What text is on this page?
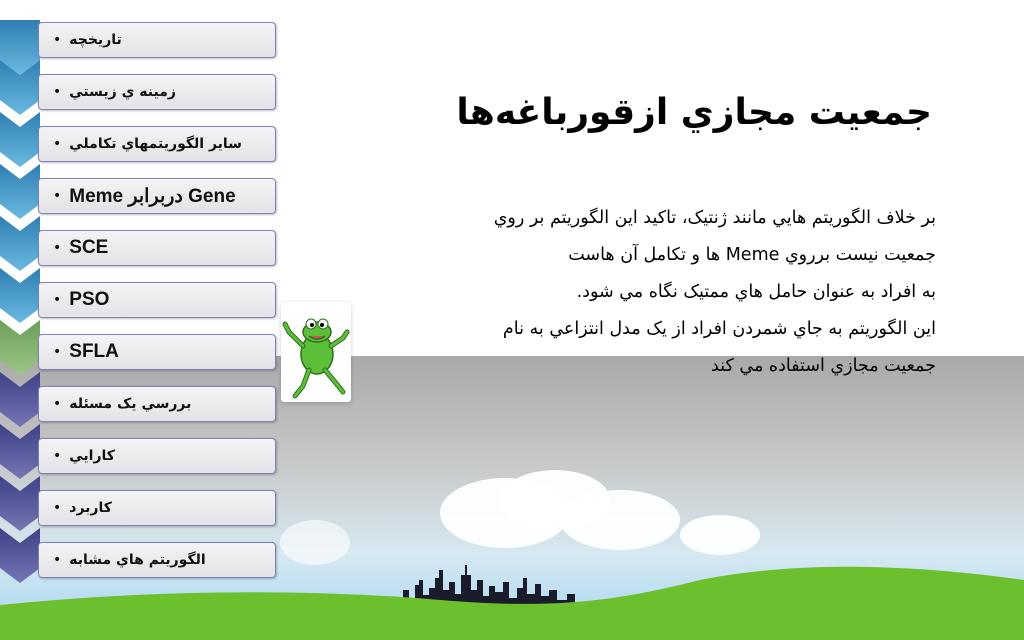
• تاريخچه
• زمينه ي زيستي
• ساير الگوريتمهاي تکاملي
• Gene دربرابر Meme
• SCE
• PSO
• SFLA
• بررسي يک مسئله
• کارايي
• کاربرد
• الگوريتم هاي مشابه
جمعيت مجازي ازقورباغه‌ها
بر خلاف الگوريتم هايي مانند ژنتيک، تاکيد اين الگوريتم بر روي
جمعيت نيست برروي Meme ها و تکامل آن هاست
به افراد به عنوان حامل هاي ممتيک نگاه مي شود.
اين الگوريتم به جاي شمردن افراد از يک مدل انتزاعي به نام
جمعيت مجازي استفاده مي کند
